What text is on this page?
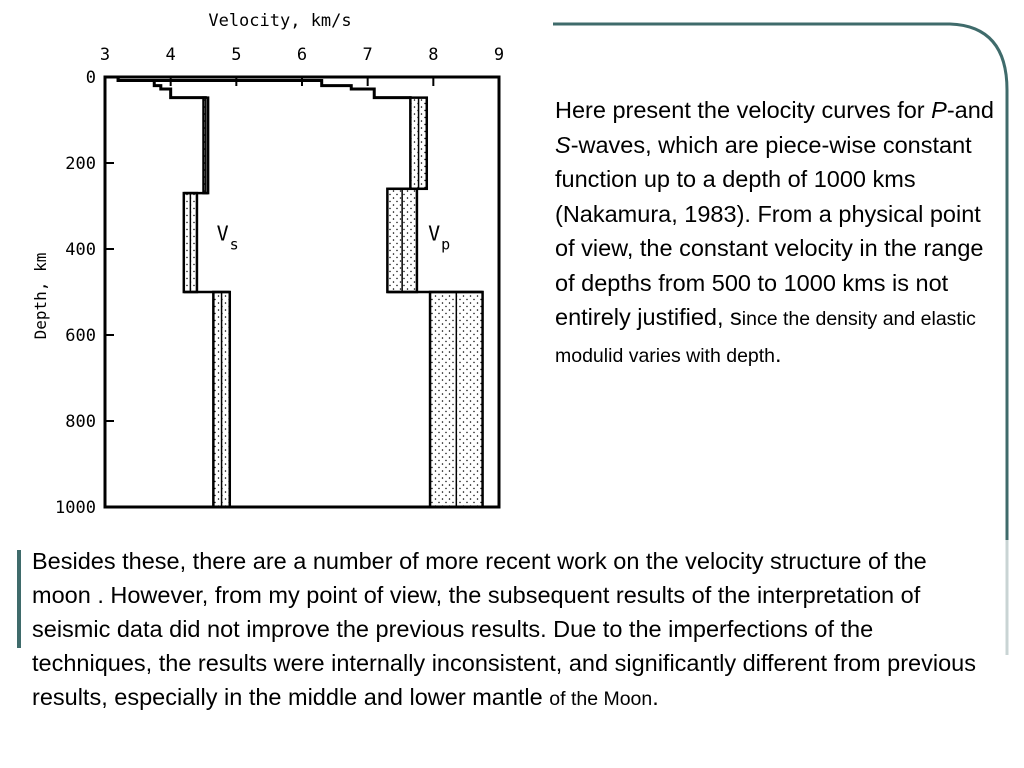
Velocity, km/s
Depth, km
3	4	5	6	7	8	9
0
200
400
600
800
1000
V s	V p

Here present the velocity curves for P-and S-waves, which are piece-wise constant function up to a depth of 1000 kms (Nakamura, 1983). From a physical point of view, the constant velocity in the range of depths from 500 to 1000 kms is not entirely justified, since the density and elastic modulid varies with depth.

Besides these, there are a number of more recent work on the velocity structure of the moon . However, from my point of view, the subsequent results of the interpretation of seismic data did not improve the previous results. Due to the imperfections of the techniques, the results were internally inconsistent, and significantly different from previous results, especially in the middle and lower mantle of the Moon.
